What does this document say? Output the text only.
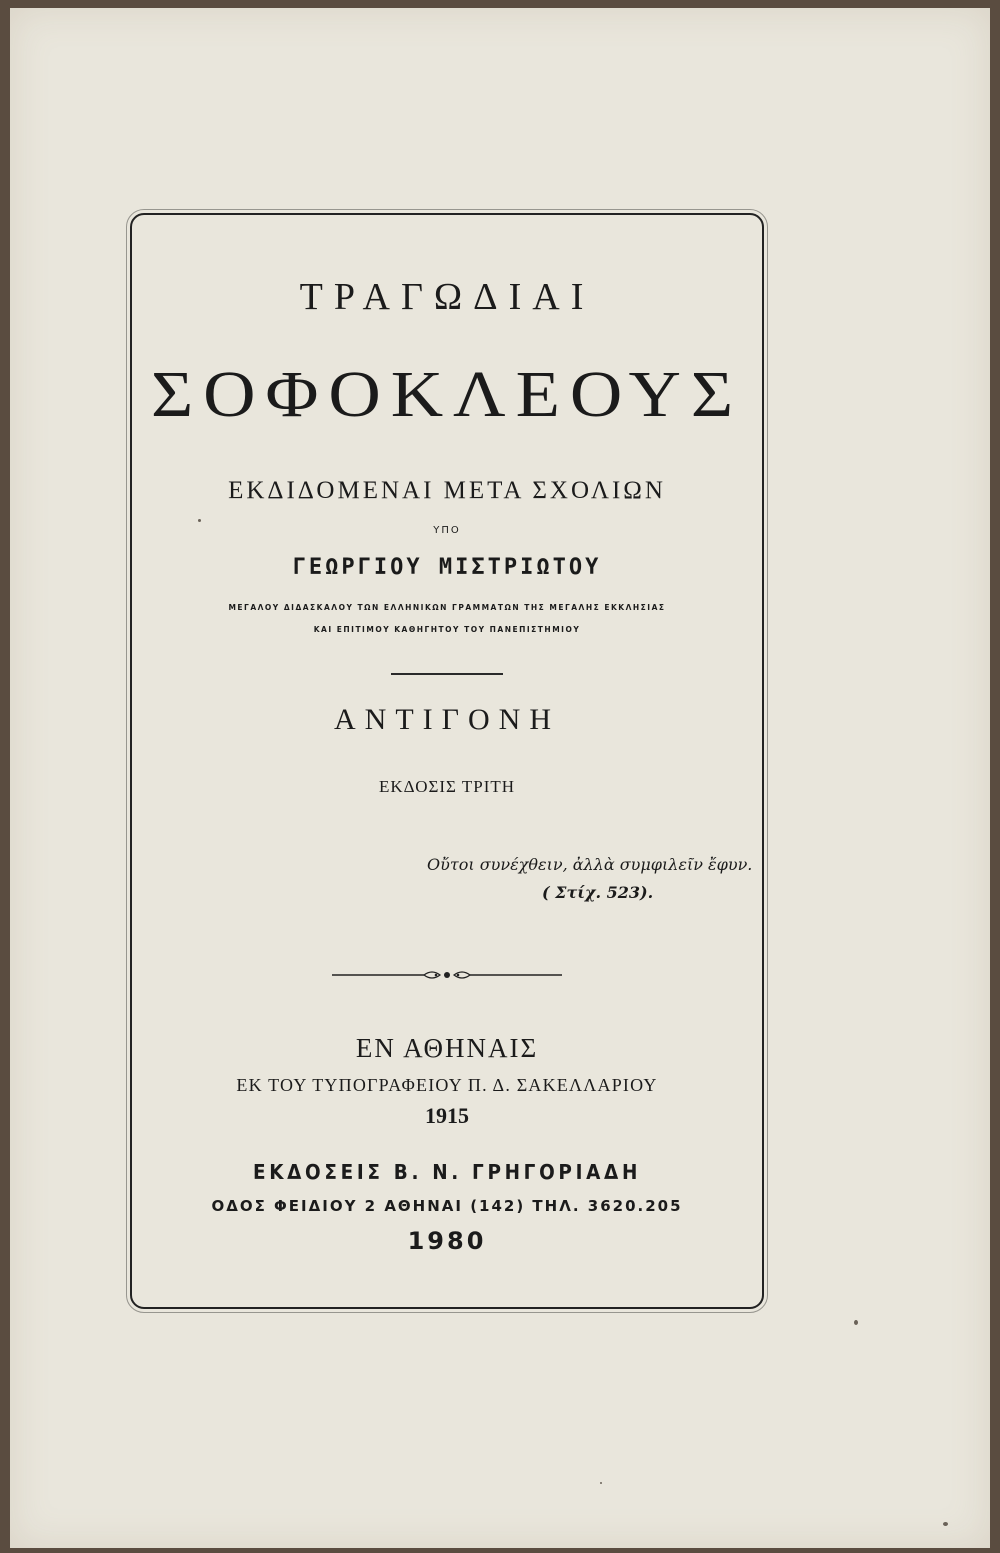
ΤΡΑΓΩΔΙΑΙ
ΣΟΦΟΚΛΕΟΥΣ
ΕΚΔΙΔΟΜΕΝΑΙ ΜΕΤΑ ΣΧΟΛΙΩΝ
ΥΠΟ
ΓΕΩΡΓΙΟΥ ΜΙΣΤΡΙΩΤΟΥ
ΜΕΓΑΛΟΥ ΔΙΔΑΣΚΑΛΟΥ ΤΩΝ ΕΛΛΗΝΙΚΩΝ ΓΡΑΜΜΑΤΩΝ ΤΗΣ ΜΕΓΑΛΗΣ ΕΚΚΛΗΣΙΑΣ
ΚΑΙ ΕΠΙΤΙΜΟΥ ΚΑΘΗΓΗΤΟΥ ΤΟΥ ΠΑΝΕΠΙΣΤΗΜΙΟΥ
ΑΝΤΙΓΟΝΗ
ΕΚΔΟΣΙΣ ΤΡΙΤΗ
Οὔτοι συνέχθειν, ἀλλὰ συμφιλεῖν ἔφυν.
( Στίχ. 523).
ΕΝ ΑΘΗΝΑΙΣ
ΕΚ ΤΟΥ ΤΥΠΟΓΡΑΦΕΙΟΥ Π. Δ. ΣΑΚΕΛΛΑΡΙΟΥ
1915
ΕΚΔΟΣΕΙΣ Β. Ν. ΓΡΗΓΟΡΙΑΔΗ
ΟΔΟΣ ΦΕΙΔΙΟΥ 2 ΑΘΗΝΑΙ (142) ΤΗΛ. 3620.205
1980
